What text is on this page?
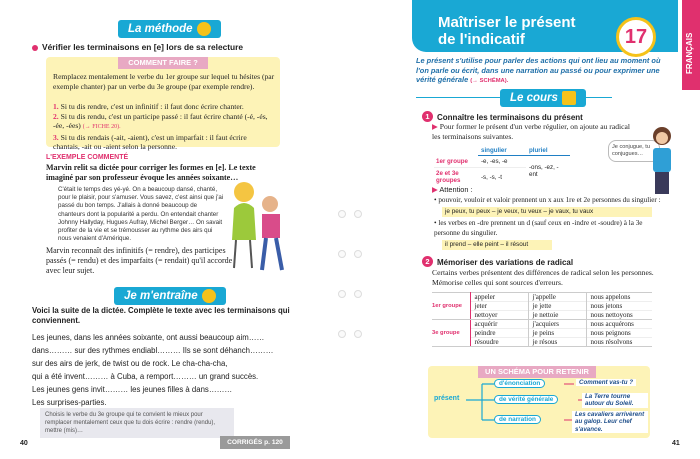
La méthode
Vérifier les terminaisons en [e] lors de sa relecture
COMMENT FAIRE ?
Remplacez mentalement le verbe du 1er groupe sur lequel tu hésites (par exemple chanter) par un verbe du 3e groupe (par exemple rendre).
1. Si tu dis rendre, c'est un infinitif : il faut donc écrire chanter.
2. Si tu dis rendu, c'est un participe passé : il faut écrire chanté (-é, -és, -ée, -ées) (→ FICHE 20).
3. Si tu dis rendais (-ait, -aient), c'est un imparfait : il faut écrire chantais, -ait ou -aient selon la personne.
L'EXEMPLE COMMENTÉ
Marvin relit sa dictée pour corriger les formes en [e]. Le texte imaginé par son professeur évoque les années soixante…
C'était le temps des yé-yé. On a beaucoup dansé, chanté, pour le plaisir, pour s'amuser. Vous savez, c'est ainsi que j'ai passé du bon temps. J'allais à donné beaucoup de chanteurs dont la popularité a perdu. On entendait chanter Johnny Hallyday, Hugues Aufray, Michel Berger… On savait profiter de la vie et se trémousser au rythme des airs qui nous venaient d'Amérique.
Marvin reconnaît des infinitifs (= rendre), des participes passés (= rendu) et des imparfaits (= rendait) qu'il accorde avec leur sujet.
Je m'entraîne
Voici la suite de la dictée. Complète le texte avec les terminaisons qui conviennent.
Les jeunes, dans les années soixante, ont aussi beaucoup aim……
dans……… sur des rythmes endiabl……… Ils se sont déhanch………
sur des airs de jerk, de twist ou de rock. Le cha-cha-cha,
qui a été invent……… à Cuba, a remport……… un grand succès.
Les jeunes gens invit……… les jeunes filles à dans………
Les surprises-parties.
Choisis le verbe du 3e groupe qui te convient le mieux pour remplacer mentalement ceux que tu dois écrire : rendre (rendu), mettre (mis)…
40	CORRIGÉS p. 120
Maîtriser le présent
de l'indicatif	17	FRANÇAIS
Le présent s'utilise pour parler des actions qui ont lieu au moment où l'on parle ou écrit, dans une narration au passé ou pour exprimer une vérité générale (→ SCHÉMA).
Le cours
1 Connaître les terminaisons du présent
▶ Pour former le présent d'un verbe régulier, on ajoute au radical les terminaisons suivantes.
	singulier	pluriel
1er groupe	-e, -es, -e	-ons, -ez, -ent
2e et 3e groupes	-s, -s, -t	
Je conjugue, tu conjugues…
▶ Attention :
• pouvoir, vouloir et valoir prennent un x aux 1re et 2e personnes du singulier :
je peux, tu peux – je veux, tu veux – je vaux, tu vaux
• les verbes en -dre prennent un d (sauf ceux en -indre et -soudre) à la 3e personne du singulier.
il prend – elle peint – il résout
2 Mémoriser des variations de radical
Certains verbes présentent des différences de radical selon les personnes. Mémorise celles qui sont sources d'erreurs.
1er groupe	appeler	j'appelle	nous appelons
	jeter	je jette	nous jetons
	nettoyer	je nettoie	nous nettoyons
3e groupe	acquérir	j'acquiers	nous acquérons
	peindre	je peins	nous peignons
	résoudre	je résous	nous résolvons
UN SCHÉMA POUR RETENIR
présent
d'énonciation
de vérité générale
de narration
Comment vas-tu ?
La Terre tourne autour du Soleil.
Les cavaliers arrivèrent au galop. Leur chef s'avance.
41
